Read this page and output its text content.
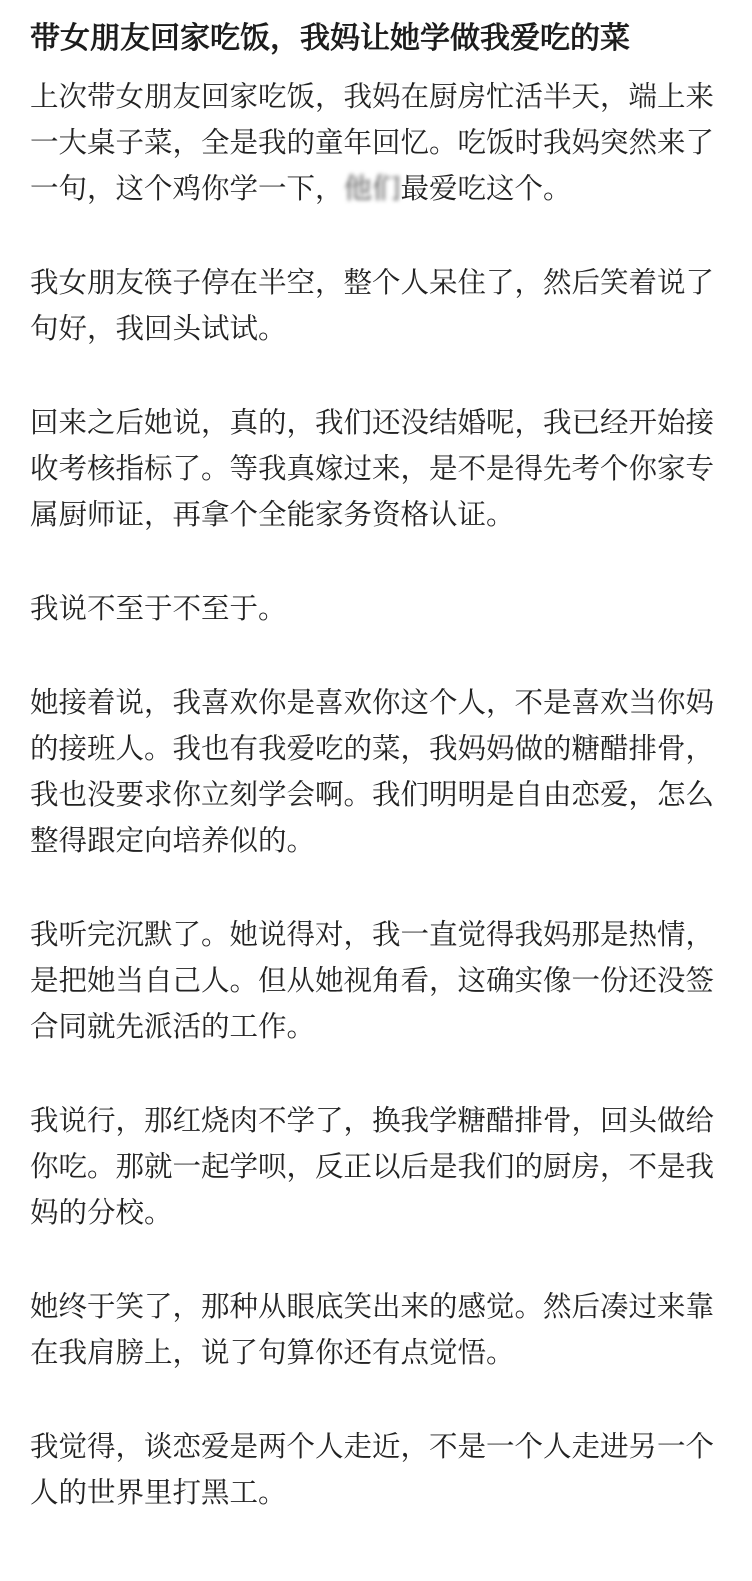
带女朋友回家吃饭，我妈让她学做我爱吃的菜
上次带女朋友回家吃饭，我妈在厨房忙活半天，端上来一大桌子菜，全是我的童年回忆。吃饭时我妈突然来了一句，这个鸡你学一下，他们最爱吃这个。
我女朋友筷子停在半空，整个人呆住了，然后笑着说了句好，我回头试试。
回来之后她说，真的，我们还没结婚呢，我已经开始接收考核指标了。等我真嫁过来，是不是得先考个你家专属厨师证，再拿个全能家务资格认证。
我说不至于不至于。
她接着说，我喜欢你是喜欢你这个人，不是喜欢当你妈的接班人。我也有我爱吃的菜，我妈妈做的糖醋排骨，我也没要求你立刻学会啊。我们明明是自由恋爱，怎么整得跟定向培养似的。
我听完沉默了。她说得对，我一直觉得我妈那是热情，是把她当自己人。但从她视角看，这确实像一份还没签合同就先派活的工作。
我说行，那红烧肉不学了，换我学糖醋排骨，回头做给你吃。那就一起学呗，反正以后是我们的厨房，不是我妈的分校。
她终于笑了，那种从眼底笑出来的感觉。然后凑过来靠在我肩膀上，说了句算你还有点觉悟。
我觉得，谈恋爱是两个人走近，不是一个人走进另一个人的世界里打黑工。
